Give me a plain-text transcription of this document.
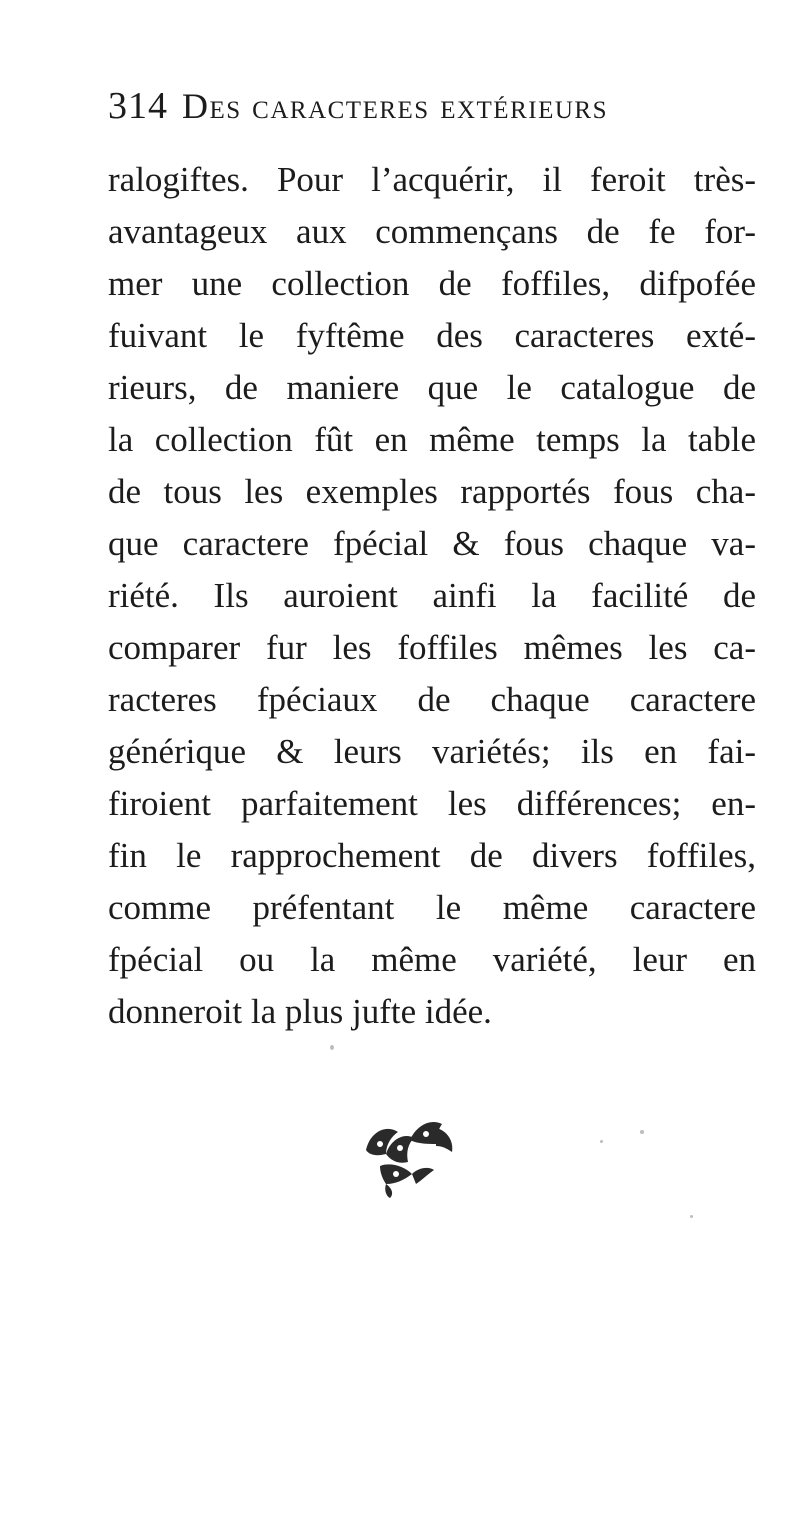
314 Des caracteres extérieurs
ralogiftes. Pour l’acquérir, il feroit très-
avantageux aux commençans de fe for-
mer une collection de foffiles, difpofée
fuivant le fyftême des caracteres exté-
rieurs, de maniere que le catalogue de
la collection fût en même temps la table
de tous les exemples rapportés fous cha-
que caractere fpécial & fous chaque va-
riété. Ils auroient ainfi la facilité de
comparer fur les foffiles mêmes les ca-
racteres fpéciaux de chaque caractere
générique & leurs variétés; ils en fai-
firoient parfaitement les différences; en-
fin le rapprochement de divers foffiles,
comme préfentant le même caractere
fpécial ou la même variété, leur en
donneroit la plus jufte idée.
